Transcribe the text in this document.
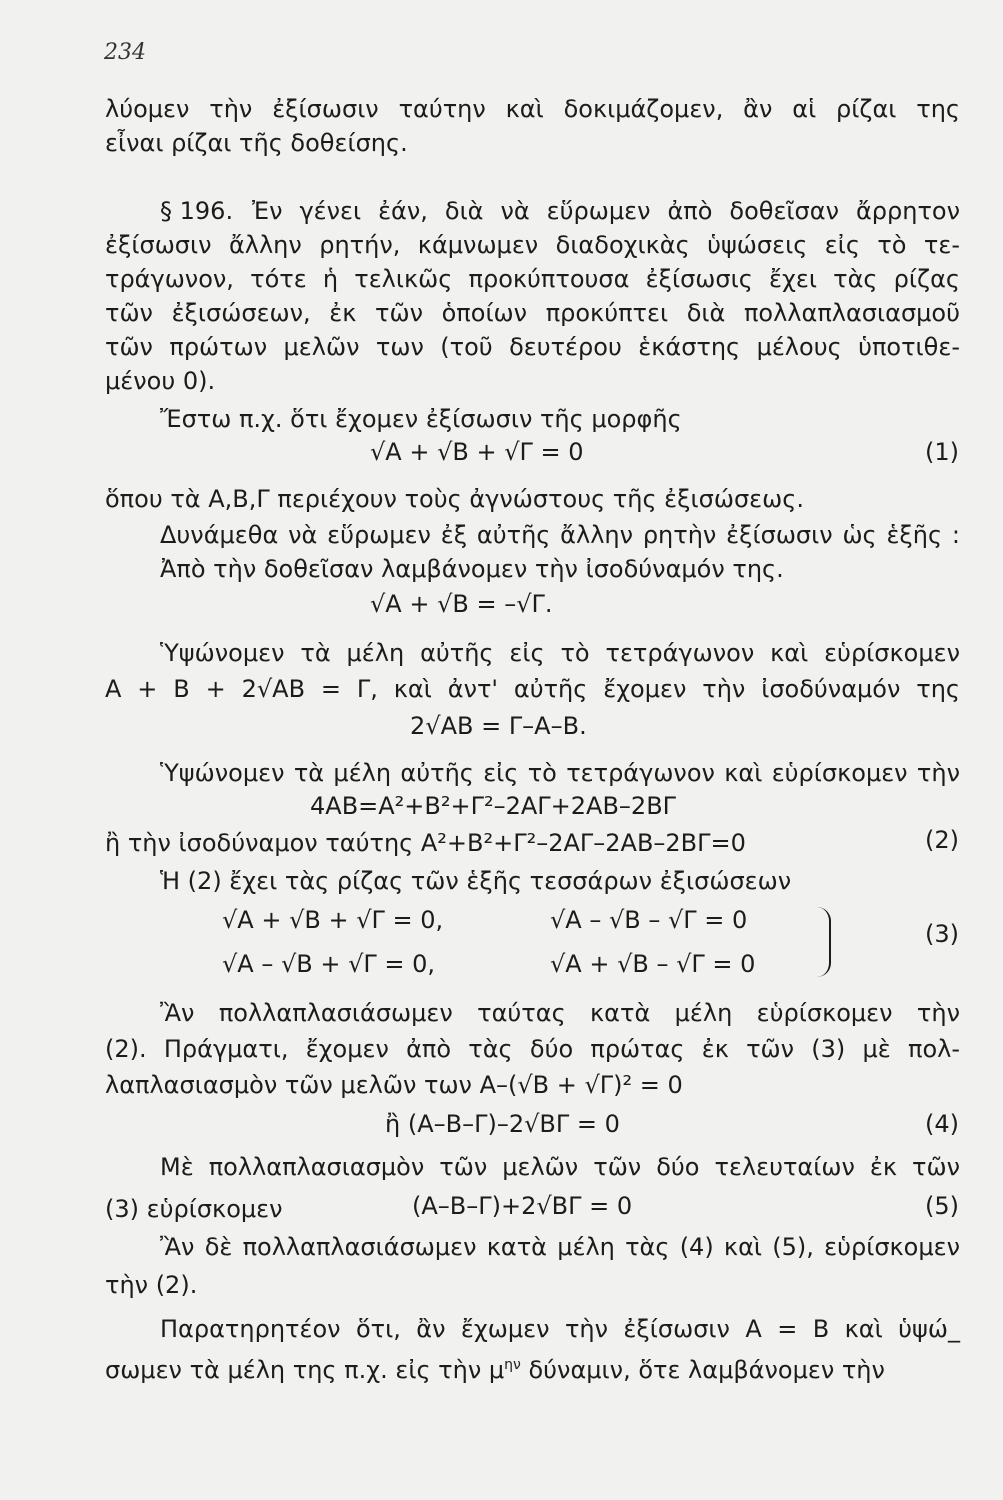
234
λύομεν τὴν ἐξίσωσιν ταύτην καὶ δοκιμάζομεν, ἂν αἱ ρίζαι της
εἶναι ρίζαι τῆς δοθείσης.
§ 196. Ἐν γένει ἐάν, διὰ νὰ εὕρωμεν ἀπὸ δοθεῖσαν ἄρρητον
ἐξίσωσιν ἄλλην ρητήν, κάμνωμεν διαδοχικὰς ὑψώσεις εἰς τὸ τε-
τράγωνον, τότε ἡ τελικῶς προκύπτουσα ἐξίσωσις ἔχει τὰς ρίζας
τῶν ἐξισώσεων, ἐκ τῶν ὁποίων προκύπτει διὰ πολλαπλασιασμοῦ
τῶν πρώτων μελῶν των (τοῦ δευτέρου ἑκάστης μέλους ὑποτιθε-
μένου 0).
Ἔστω π.χ. ὅτι ἔχομεν ἐξίσωσιν τῆς μορφῆς
√A + √B + √Γ = 0	(1)
ὅπου τὰ Α,Β,Γ περιέχουν τοὺς ἀγνώστους τῆς ἐξισώσεως.
Δυνάμεθα νὰ εὕρωμεν ἐξ αὐτῆς ἄλλην ρητὴν ἐξίσωσιν ὡς ἑξῆς :
Ἀπὸ τὴν δοθεῖσαν λαμβάνομεν τὴν ἰσοδύναμόν της.
√A + √B = –√Γ.
Ὑψώνομεν τὰ μέλη αὐτῆς εἰς τὸ τετράγωνον καὶ εὑρίσκομεν
Α + Β + 2√ΑΒ = Γ, καὶ ἀντ' αὐτῆς ἔχομεν τὴν ἰσοδύναμόν της
2√ΑΒ = Γ–Α–Β.
Ὑψώνομεν τὰ μέλη αὐτῆς εἰς τὸ τετράγωνον καὶ εὑρίσκομεν τὴν
4ΑΒ=Α²+Β²+Γ²–2ΑΓ+2ΑΒ–2ΒΓ
ἢ τὴν ἰσοδύναμον ταύτης Α²+Β²+Γ²–2ΑΓ–2ΑΒ–2ΒΓ=0	(2)
Ἡ (2) ἔχει τὰς ρίζας τῶν ἑξῆς τεσσάρων ἐξισώσεων
√A + √B + √Γ = 0,	√A – √B – √Γ = 0
√A – √B + √Γ = 0,	√A + √B – √Γ = 0
(3)
Ἂν πολλαπλασιάσωμεν ταύτας κατὰ μέλη εὑρίσκομεν τὴν
(2). Πράγματι, ἔχομεν ἀπὸ τὰς δύο πρώτας ἐκ τῶν (3) μὲ πολ-
λαπλασιασμὸν τῶν μελῶν των Α–(√Β + √Γ)² = 0
ἢ (Α–Β–Γ)–2√ΒΓ = 0	(4)
Μὲ πολλαπλασιασμὸν τῶν μελῶν τῶν δύο τελευταίων ἐκ τῶν
(3) εὑρίσκομεν	(Α–Β–Γ)+2√ΒΓ = 0	(5)
Ἂν δὲ πολλαπλασιάσωμεν κατὰ μέλη τὰς (4) καὶ (5), εὑρίσκομεν
τὴν (2).
Παρατηρητέον ὅτι, ἂν ἔχωμεν τὴν ἐξίσωσιν Α = Β καὶ ὑψώ_
σωμεν τὰ μέλη της π.χ. εἰς τὴν $\mu^{\eta\nu}$ δύναμιν, ὅτε λαμβάνομεν τὴν
